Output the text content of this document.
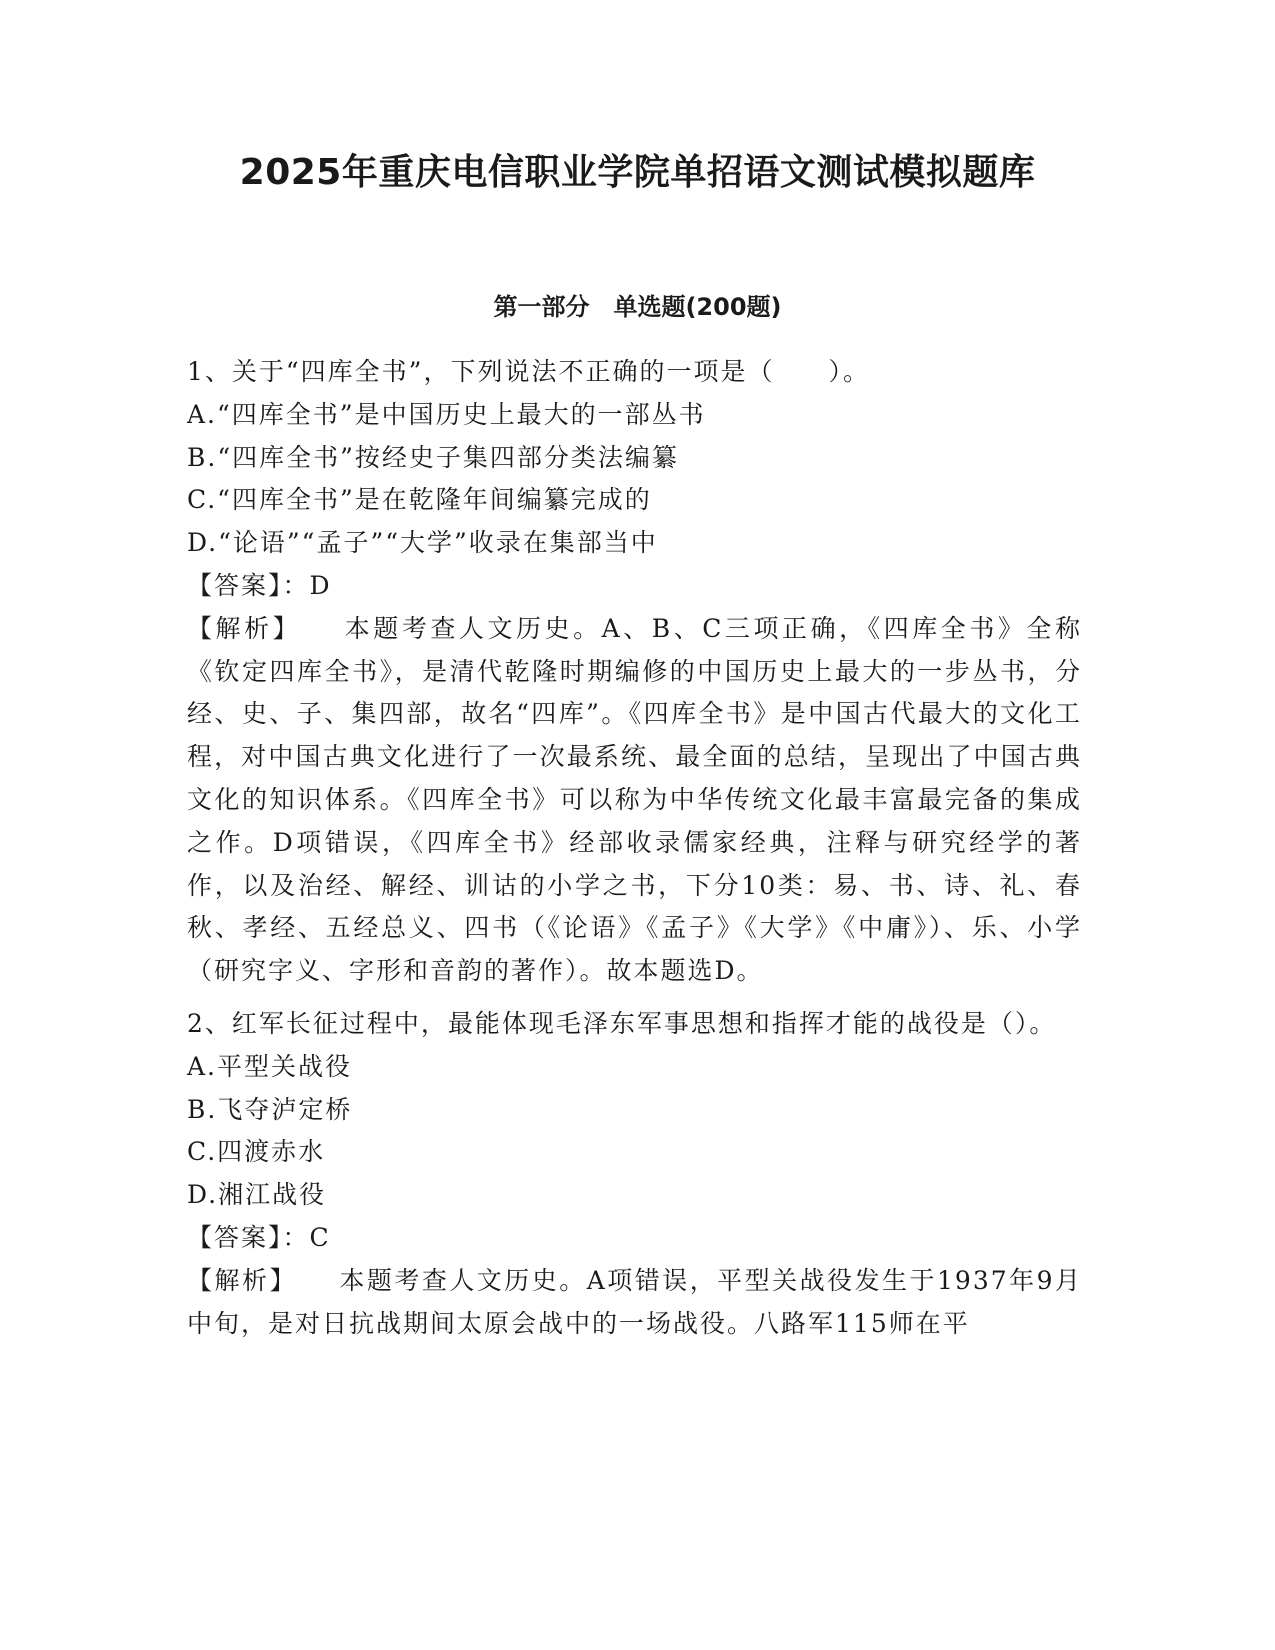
2025年重庆电信职业学院单招语文测试模拟题库
第一部分　单选题(200题)
1、关于“四库全书”，下列说法不正确的一项是（　　）。
A.“四库全书”是中国历史上最大的一部丛书
B.“四库全书”按经史子集四部分类法编纂
C.“四库全书”是在乾隆年间编纂完成的
D.“论语”“孟子”“大学”收录在集部当中
【答案】：D
【解析】 本题考查人文历史。A、B、C三项正确，《四库全书》全称《钦定四库全书》，是清代乾隆时期编修的中国历史上最大的一步丛书，分经、史、子、集四部，故名“四库”。《四库全书》是中国古代最大的文化工程，对中国古典文化进行了一次最系统、最全面的总结，呈现出了中国古典文化的知识体系。《四库全书》可以称为中华传统文化最丰富最完备的集成之作。D项错误，《四库全书》经部收录儒家经典，注释与研究经学的著作，以及治经、解经、训诂的小学之书，下分10类：易、书、诗、礼、春秋、孝经、五经总义、四书（《论语》《孟子》《大学》《中庸》）、乐、小学（研究字义、字形和音韵的著作）。故本题选D。
2、红军长征过程中，最能体现毛泽东军事思想和指挥才能的战役是（）。
A.平型关战役
B.飞夺泸定桥
C.四渡赤水
D.湘江战役
【答案】：C
【解析】 本题考查人文历史。A项错误，平型关战役发生于1937年9月中旬，是对日抗战期间太原会战中的一场战役。八路军115师在平
